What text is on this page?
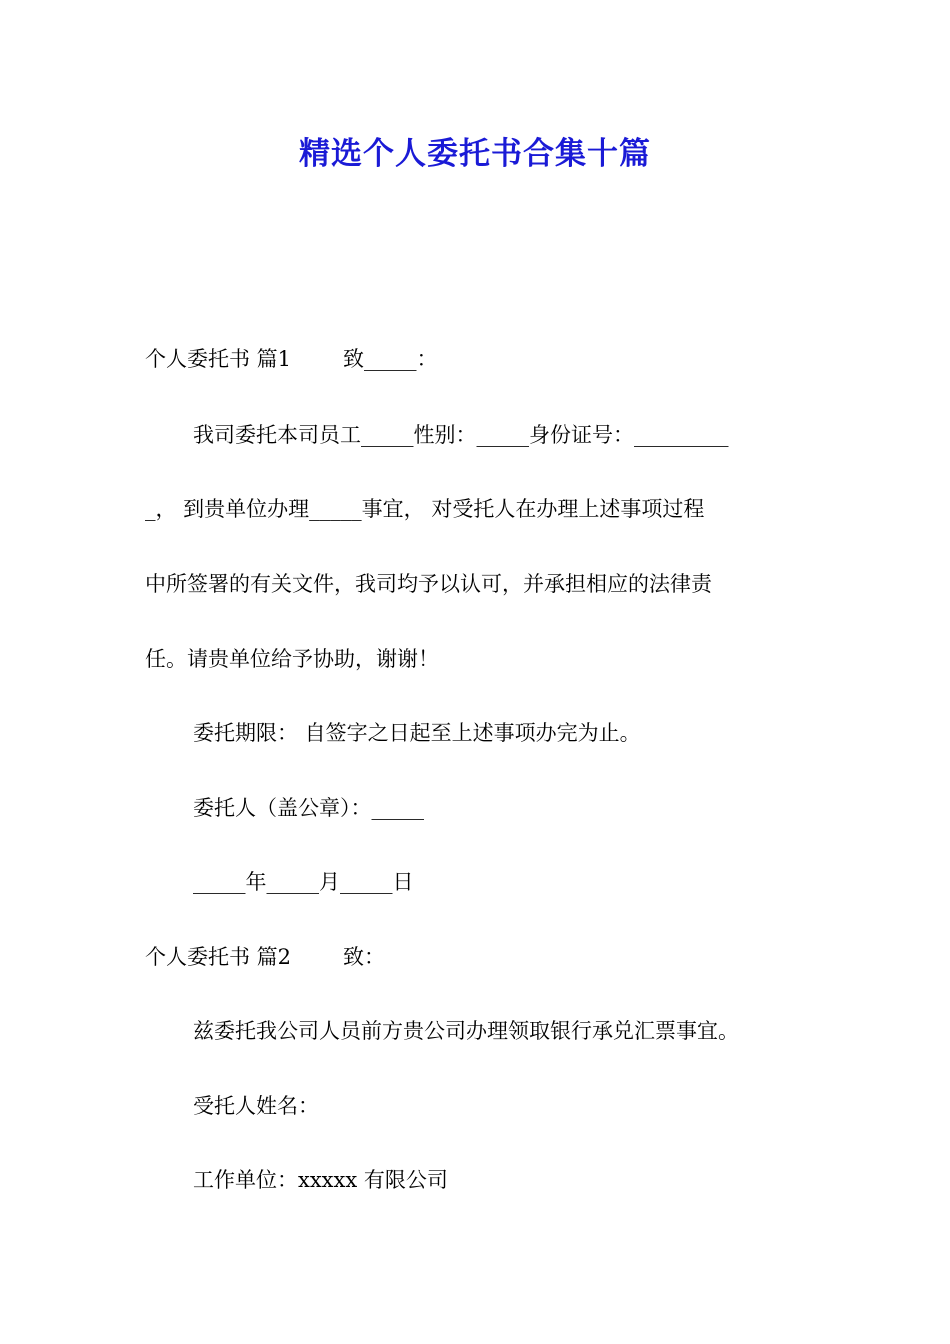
精选个人委托书合集十篇
个人委托书 篇1 致_____：
我司委托本司员工_____性别：_____身份证号：_________
_， 到贵单位办理_____事宜， 对受托人在办理上述事项过程
中所签署的有关文件，我司均予以认可，并承担相应的法律责
任。请贵单位给予协助，谢谢！
委托期限： 自签字之日起至上述事项办完为止。
委托人（盖公章）：_____
_____年_____月_____日
个人委托书 篇2 致：
兹委托我公司人员前方贵公司办理领取银行承兑汇票事宜。
受托人姓名：
工作单位：xxxxx 有限公司
